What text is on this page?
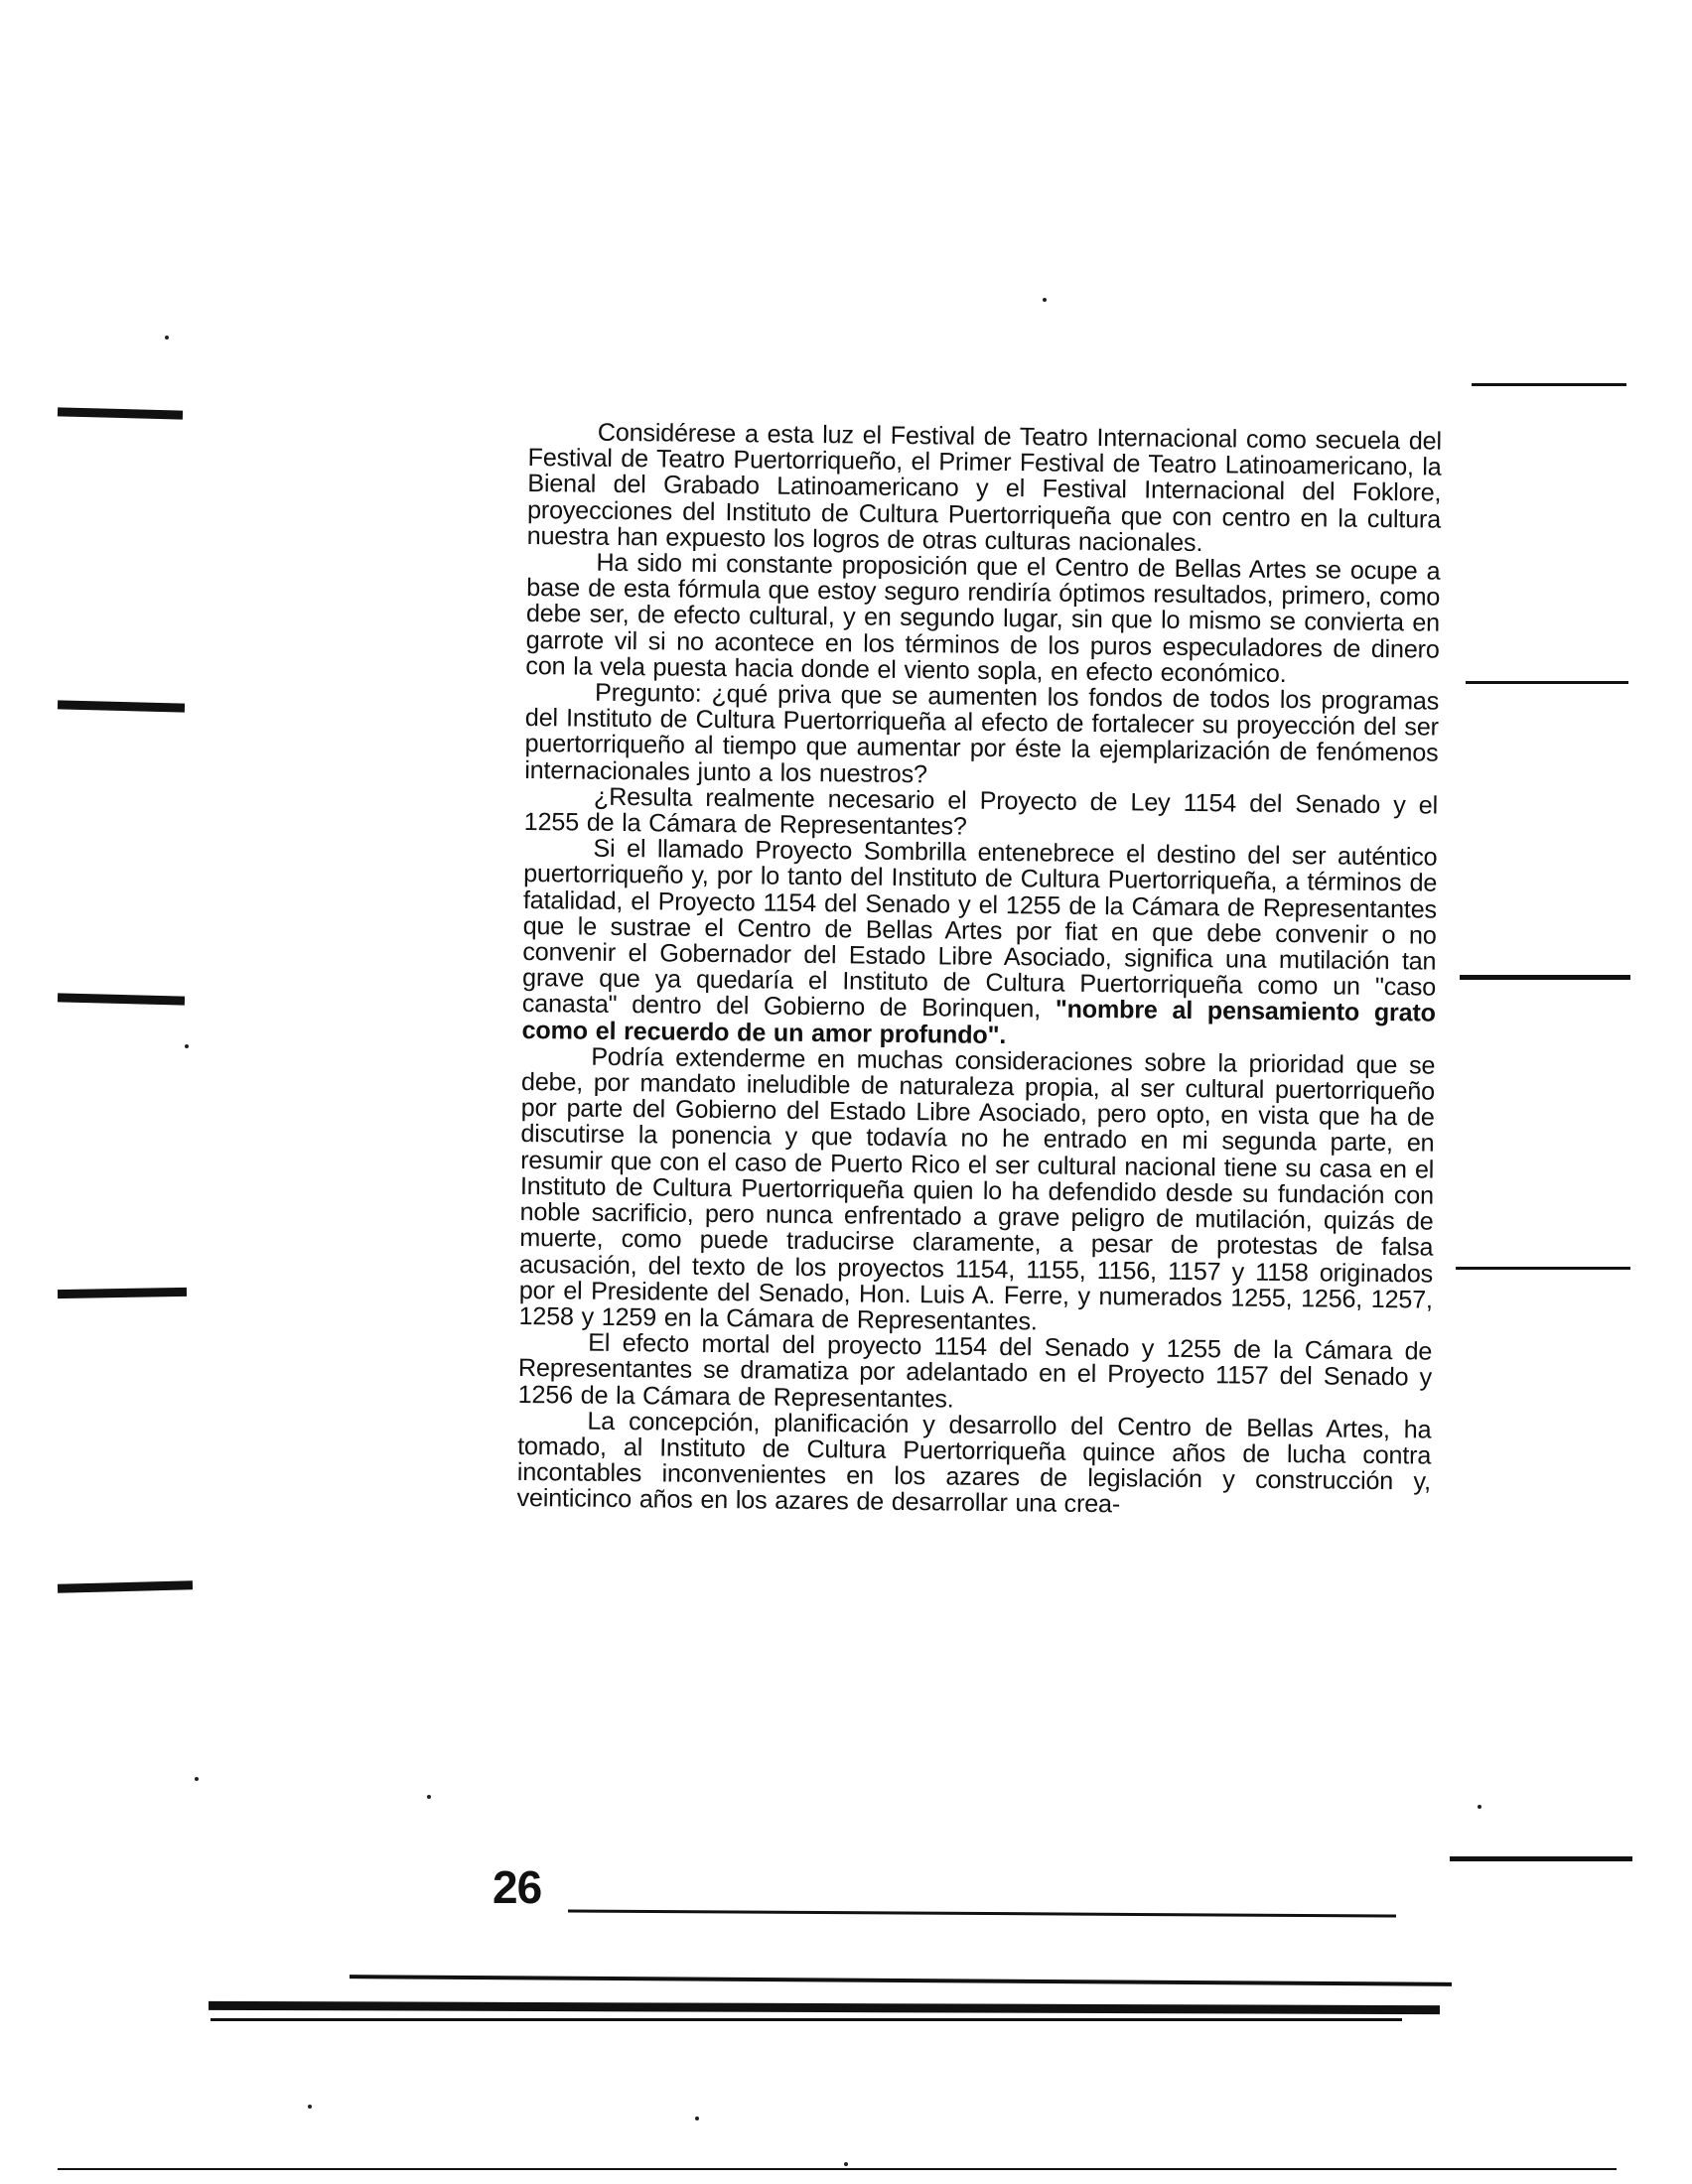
Considérese a esta luz el Festival de Teatro Internacional como secuela del Festival de Teatro Puertorriqueño, el Primer Festival de Teatro Latinoamericano, la Bienal del Grabado Latinoamericano y el Festival Internacional del Foklore, proyecciones del Instituto de Cultura Puertorriqueña que con centro en la cultura nuestra han expuesto los logros de otras culturas nacionales.

Ha sido mi constante proposición que el Centro de Bellas Artes se ocupe a base de esta fórmula que estoy seguro rendiría óptimos resultados, primero, como debe ser, de efecto cultural, y en segundo lugar, sin que lo mismo se convierta en garrote vil si no acontece en los términos de los puros especuladores de dinero con la vela puesta hacia donde el viento sopla, en efecto económico.

Pregunto: ¿qué priva que se aumenten los fondos de todos los programas del Instituto de Cultura Puertorriqueña al efecto de fortalecer su proyección del ser puertorriqueño al tiempo que aumentar por éste la ejemplarización de fenómenos internacionales junto a los nuestros?

¿Resulta realmente necesario el Proyecto de Ley 1154 del Senado y el 1255 de la Cámara de Representantes?

Si el llamado Proyecto Sombrilla entenebrece el destino del ser auténtico puertorriqueño y, por lo tanto del Instituto de Cultura Puertorriqueña, a términos de fatalidad, el Proyecto 1154 del Senado y el 1255 de la Cámara de Representantes que le sustrae el Centro de Bellas Artes por fiat en que debe convenir o no convenir el Gobernador del Estado Libre Asociado, significa una mutilación tan grave que ya quedaría el Instituto de Cultura Puertorriqueña como un "caso canasta" dentro del Gobierno de Borinquen, "nombre al pensamiento grato como el recuerdo de un amor profundo".

Podría extenderme en muchas consideraciones sobre la prioridad que se debe, por mandato ineludible de naturaleza propia, al ser cultural puertorriqueño por parte del Gobierno del Estado Libre Asociado, pero opto, en vista que ha de discutirse la ponencia y que todavía no he entrado en mi segunda parte, en resumir que con el caso de Puerto Rico el ser cultural nacional tiene su casa en el Instituto de Cultura Puertorriqueña quien lo ha defendido desde su fundación con noble sacrificio, pero nunca enfrentado a grave peligro de mutilación, quizás de muerte, como puede traducirse claramente, a pesar de protestas de falsa acusación, del texto de los proyectos 1154, 1155, 1156, 1157 y 1158 originados por el Presidente del Senado, Hon. Luis A. Ferre, y numerados 1255, 1256, 1257, 1258 y 1259 en la Cámara de Representantes.

El efecto mortal del proyecto 1154 del Senado y 1255 de la Cámara de Representantes se dramatiza por adelantado en el Proyecto 1157 del Senado y 1256 de la Cámara de Representantes.

La concepción, planificación y desarrollo del Centro de Bellas Artes, ha tomado, al Instituto de Cultura Puertorriqueña quince años de lucha contra incontables inconvenientes en los azares de legislación y construcción y, veinticinco años en los azares de desarrollar una crea-

26
